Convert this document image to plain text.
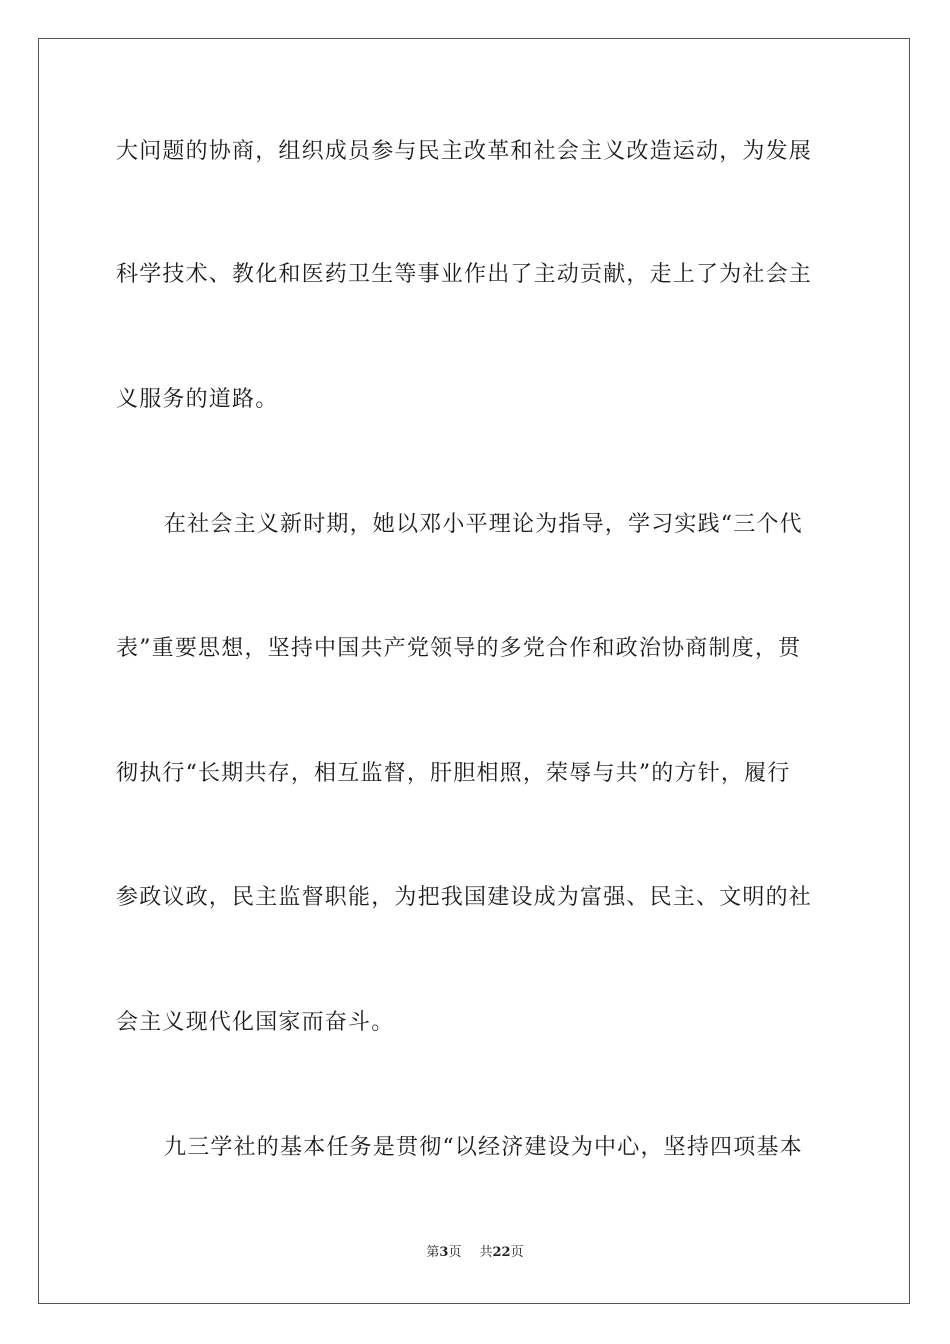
大问题的协商，组织成员参与民主改革和社会主义改造运动，为发展
科学技术、教化和医药卫生等事业作出了主动贡献，走上了为社会主
义服务的道路。
在社会主义新时期，她以邓小平理论为指导，学习实践“三个代
表”重要思想，坚持中国共产党领导的多党合作和政治协商制度，贯
彻执行“长期共存，相互监督，肝胆相照，荣辱与共”的方针，履行
参政议政，民主监督职能，为把我国建设成为富强、民主、文明的社
会主义现代化国家而奋斗。
九三学社的基本任务是贯彻“以经济建设为中心，坚持四项基本
第3页 共22页
